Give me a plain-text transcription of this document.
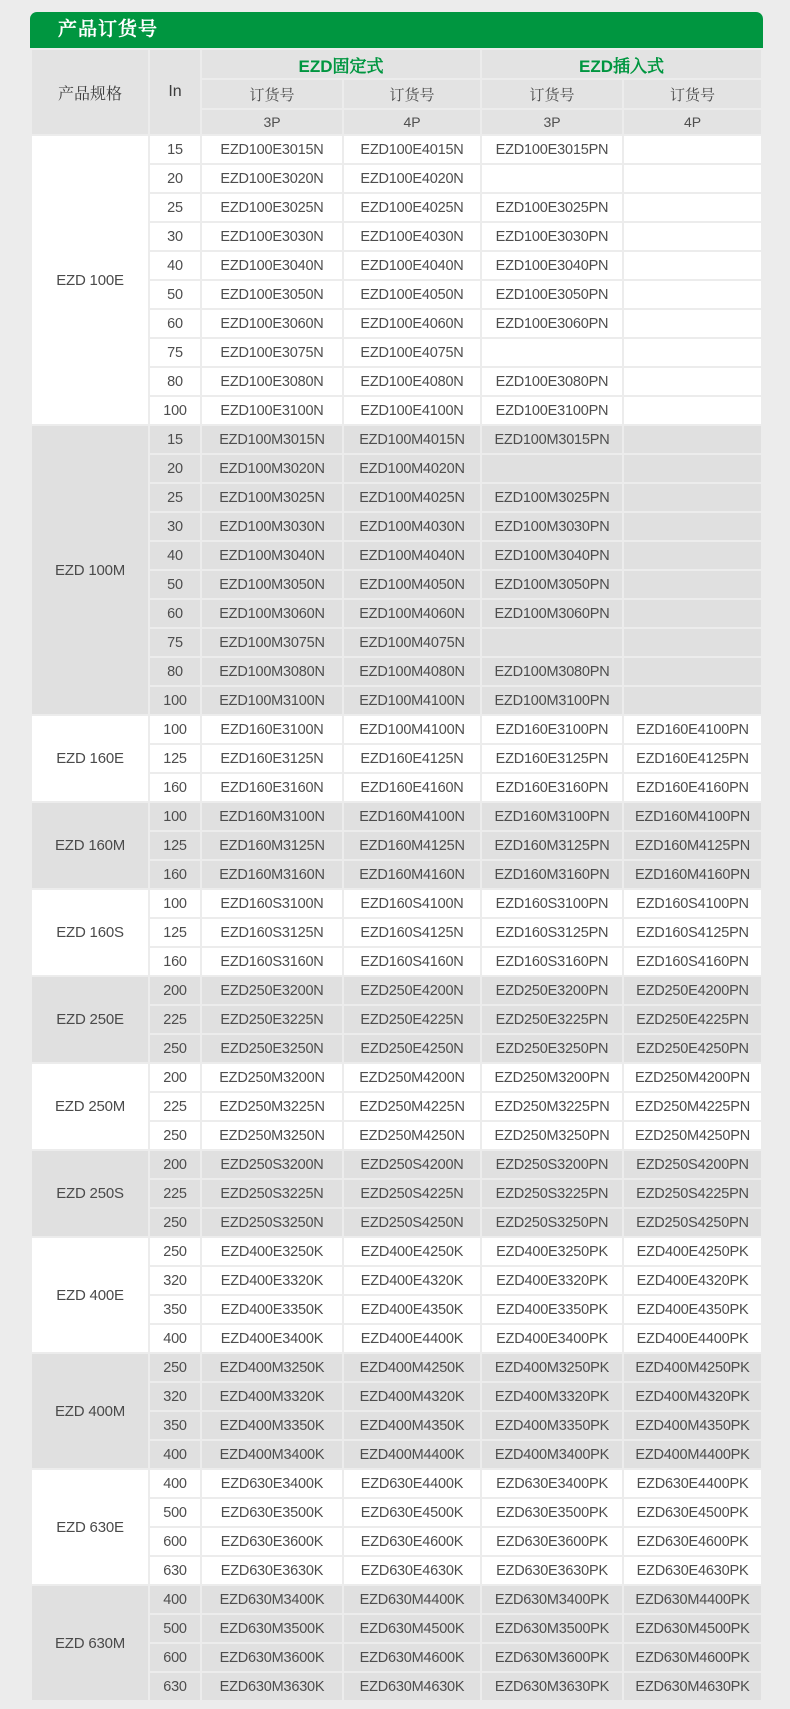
产品订货号
产品规格	In	EZD固定式		EZD插入式	
		订货号	订货号	订货号	订货号
		3P	4P	3P	4P
EZD 100E	15	EZD100E3015N	EZD100E4015N	EZD100E3015PN	
	20	EZD100E3020N	EZD100E4020N		
	25	EZD100E3025N	EZD100E4025N	EZD100E3025PN	
	30	EZD100E3030N	EZD100E4030N	EZD100E3030PN	
	40	EZD100E3040N	EZD100E4040N	EZD100E3040PN	
	50	EZD100E3050N	EZD100E4050N	EZD100E3050PN	
	60	EZD100E3060N	EZD100E4060N	EZD100E3060PN	
	75	EZD100E3075N	EZD100E4075N		
	80	EZD100E3080N	EZD100E4080N	EZD100E3080PN	
	100	EZD100E3100N	EZD100E4100N	EZD100E3100PN	
EZD 100M	15	EZD100M3015N	EZD100M4015N	EZD100M3015PN	
	20	EZD100M3020N	EZD100M4020N		
	25	EZD100M3025N	EZD100M4025N	EZD100M3025PN	
	30	EZD100M3030N	EZD100M4030N	EZD100M3030PN	
	40	EZD100M3040N	EZD100M4040N	EZD100M3040PN	
	50	EZD100M3050N	EZD100M4050N	EZD100M3050PN	
	60	EZD100M3060N	EZD100M4060N	EZD100M3060PN	
	75	EZD100M3075N	EZD100M4075N		
	80	EZD100M3080N	EZD100M4080N	EZD100M3080PN	
	100	EZD100M3100N	EZD100M4100N	EZD100M3100PN	
EZD 160E	100	EZD160E3100N	EZD100M4100N	EZD160E3100PN	EZD160E4100PN
	125	EZD160E3125N	EZD160E4125N	EZD160E3125PN	EZD160E4125PN
	160	EZD160E3160N	EZD160E4160N	EZD160E3160PN	EZD160E4160PN
EZD 160M	100	EZD160M3100N	EZD160M4100N	EZD160M3100PN	EZD160M4100PN
	125	EZD160M3125N	EZD160M4125N	EZD160M3125PN	EZD160M4125PN
	160	EZD160M3160N	EZD160M4160N	EZD160M3160PN	EZD160M4160PN
EZD 160S	100	EZD160S3100N	EZD160S4100N	EZD160S3100PN	EZD160S4100PN
	125	EZD160S3125N	EZD160S4125N	EZD160S3125PN	EZD160S4125PN
	160	EZD160S3160N	EZD160S4160N	EZD160S3160PN	EZD160S4160PN
EZD 250E	200	EZD250E3200N	EZD250E4200N	EZD250E3200PN	EZD250E4200PN
	225	EZD250E3225N	EZD250E4225N	EZD250E3225PN	EZD250E4225PN
	250	EZD250E3250N	EZD250E4250N	EZD250E3250PN	EZD250E4250PN
EZD 250M	200	EZD250M3200N	EZD250M4200N	EZD250M3200PN	EZD250M4200PN
	225	EZD250M3225N	EZD250M4225N	EZD250M3225PN	EZD250M4225PN
	250	EZD250M3250N	EZD250M4250N	EZD250M3250PN	EZD250M4250PN
EZD 250S	200	EZD250S3200N	EZD250S4200N	EZD250S3200PN	EZD250S4200PN
	225	EZD250S3225N	EZD250S4225N	EZD250S3225PN	EZD250S4225PN
	250	EZD250S3250N	EZD250S4250N	EZD250S3250PN	EZD250S4250PN
EZD 400E	250	EZD400E3250K	EZD400E4250K	EZD400E3250PK	EZD400E4250PK
	320	EZD400E3320K	EZD400E4320K	EZD400E3320PK	EZD400E4320PK
	350	EZD400E3350K	EZD400E4350K	EZD400E3350PK	EZD400E4350PK
	400	EZD400E3400K	EZD400E4400K	EZD400E3400PK	EZD400E4400PK
EZD 400M	250	EZD400M3250K	EZD400M4250K	EZD400M3250PK	EZD400M4250PK
	320	EZD400M3320K	EZD400M4320K	EZD400M3320PK	EZD400M4320PK
	350	EZD400M3350K	EZD400M4350K	EZD400M3350PK	EZD400M4350PK
	400	EZD400M3400K	EZD400M4400K	EZD400M3400PK	EZD400M4400PK
EZD 630E	400	EZD630E3400K	EZD630E4400K	EZD630E3400PK	EZD630E4400PK
	500	EZD630E3500K	EZD630E4500K	EZD630E3500PK	EZD630E4500PK
	600	EZD630E3600K	EZD630E4600K	EZD630E3600PK	EZD630E4600PK
	630	EZD630E3630K	EZD630E4630K	EZD630E3630PK	EZD630E4630PK
EZD 630M	400	EZD630M3400K	EZD630M4400K	EZD630M3400PK	EZD630M4400PK
	500	EZD630M3500K	EZD630M4500K	EZD630M3500PK	EZD630M4500PK
	600	EZD630M3600K	EZD630M4600K	EZD630M3600PK	EZD630M4600PK
	630	EZD630M3630K	EZD630M4630K	EZD630M3630PK	EZD630M4630PK
